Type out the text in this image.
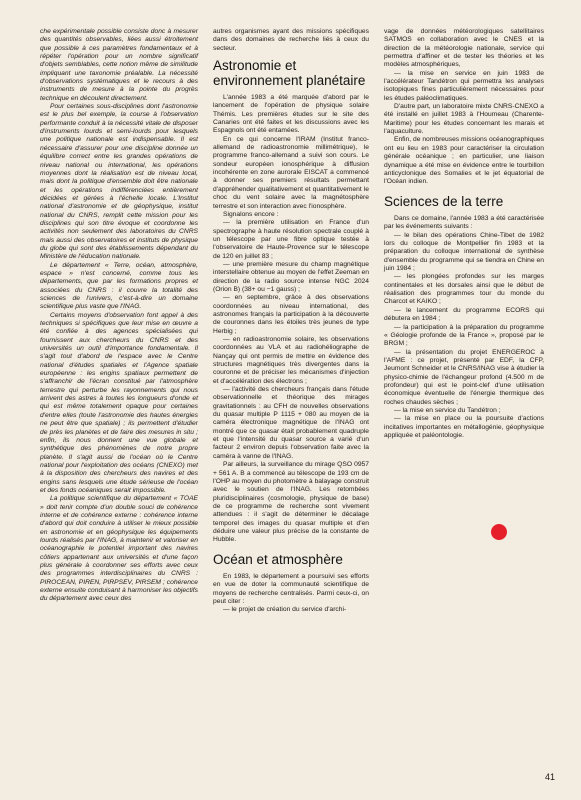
che expérimentale possible consiste donc à mesurer des quantités observables, liées aussi étroitement que possible à ces paramètres fondamentaux et à répéter l'opération pour un nombre significatif d'objets semblables, cette notion même de similitude impliquant une taxonomie préalable. La nécessité d'observations systématiques et le recours à des instruments de mesure à la pointe du progrès technique en découlent directement.

Pour certaines sous-disciplines dont l'astronomie est le plus bel exemple, la course à l'observation performante conduit à la nécessité vitale de disposer d'instruments lourds et semi-lourds pour lesquels une politique nationale est indispensable. Il est nécessaire d'assurer pour une discipline donnée un équilibre correct entre les grandes opérations de niveau national ou international, les opérations moyennes dont la réalisation est de niveau local, mais dont la politique d'ensemble doit être nationale et les opérations indifférenciées entièrement décidées et gérées à l'échelle locale. L'Institut national d'astronomie et de géophysique, institut national du CNRS, remplit cette mission pour les disciplines qui son titre évoque et coordonne les activités non seulement des laboratoires du CNRS mais aussi des observatoires et instituts de physique du globe qui sont des établissements dépendant du Ministère de l'éducation nationale.

Le département « Terre, océan, atmosphère, espace » n'est concerné, comme tous les départements, que par les formations propres et associées du CNRS : il couvre la totalité des sciences de l'univers, c'est-à-dire un domaine scientifique plus vaste que l'INAG.

Certains moyens d'observation font appel à des techniques si spécifiques que leur mise en œuvre a été confiée à des agences spécialisées qui fournissent aux chercheurs du CNRS et des universités un outil d'importance fondamentale. Il s'agit tout d'abord de l'espace avec le Centre national d'études spatiales et l'Agence spatiale européenne : les engins spatiaux permettent de s'affranchir de l'écran constitué par l'atmosphère terrestre qui perturbe les rayonnements qui nous arrivent des astres à toutes les longueurs d'onde et qui est même totalement opaque pour certaines d'entre elles (toute l'astronomie des hautes énergies ne peut être que spatiale) ; ils permettent d'étudier de près les planètes et de faire des mesures in situ ; enfin, ils nous donnent une vue globale et synthétique des phénomènes de notre propre planète. Il s'agit aussi de l'océan où le Centre national pour l'exploitation des océans (CNEXO) met à la disposition des chercheurs des navires et des engins sans lesquels une étude sérieuse de l'océan et des fonds océaniques serait impossible.

La politique scientifique du département « TOAE » doit tenir compte d'un double souci de cohérence interne et de cohérence externe : cohérence interne d'abord qui doit conduire à utiliser le mieux possible en astronomie et en géophysique les équipements lourds réalisés par l'INAG, à maintenir et valoriser en océanographie le potentiel important des navires côtiers appartenant aux universités et d'une façon plus générale à coordonner ses efforts avec ceux des programmes interdisciplinaires du CNRS : PIROCEAN, PIREN, PIRPSEV, PIRSEM ; cohérence externe ensuite conduisant à harmoniser les objectifs du département avec ceux des

autres organismes ayant des missions spécifiques dans des domaines de recherche liés à ceux du secteur.

Astronomie et environnement planétaire

L'année 1983 a été marquée d'abord par le lancement de l'opération de physique solaire Thémis. Les premières études sur le site des Canaries ont été faites et les discussions avec les Espagnols ont été entamées.

En ce qui concerne l'IRAM (Institut franco-allemand de radioastronomie millimétrique), le programme franco-allemand a suivi son cours. Le sondeur européen ionosphérique à diffusion incohérente en zone aurorale EISCAT a commencé à donner ses premiers résultats permettant d'appréhender qualitativement et quantitativement le choc du vent solaire avec la magnétosphère terrestre et son interaction avec l'ionosphère.

Signalons encore :

— la première utilisation en France d'un spectrographe à haute résolution spectrale couplé à un télescope par une fibre optique testée à l'observatoire de Haute-Provence sur le télescope de 120 en juillet 83 ;

— une première mesure du champ magnétique interstellaire obtenue au moyen de l'effet Zeeman en direction de la radio source intense NGC 2024 (Orion B) (38+ ou −1 gauss) ;

— en septembre, grâce à des observations coordonnées au niveau international, des astronomes français la participation à la découverte de couronnes dans les étoiles très jeunes de type Herbig ;

— en radioastronomie solaire, les observations coordonnées au VLA et au radiohéliographe de Nançay qui ont permis de mettre en évidence des structures magnétiques très divergentes dans la couronne et de préciser les mécanismes d'injection et d'accélération des électrons ;

— l'activité des chercheurs français dans l'étude observationnelle et théorique des mirages gravitationnels : au CFH de nouvelles observations du quasar multiple P 1115 + 080 au moyen de la caméra électronique magnétique de l'INAG ont montré que ce quasar était probablement quadruple et que l'intensité du quasar source a varié d'un facteur 2 environ depuis l'observation faite avec la caméra à vanne de l'INAG.

Par ailleurs, la surveillance du mirage QSO 0957 + 561 A. B a commencé au télescope de 193 cm de l'OHP au moyen du photomètre à balayage construit avec le soutien de l'INAG. Les retombées pluridisciplinaires (cosmologie, physique de base) de ce programme de recherche sont vivement attendues : il s'agit de déterminer le décalage temporel des images du quasar multiple et d'en déduire une valeur plus précise de la constante de Hubble.

Océan et atmosphère

En 1983, le département a poursuivi ses efforts en vue de doter la communauté scientifique de moyens de recherche centralisés. Parmi ceux-ci, on peut citer :

— le projet de création du service d'archi-

vage de données météorologiques satellitaires SATMOS en collaboration avec le CNES et la direction de la météorologie nationale, service qui permettra d'affiner et de tester les théories et les modèles atmosphériques,

— la mise en service en juin 1983 de l'accélérateur Tandétron qui permettra les analyses isotopiques fines particulièrement nécessaires pour les études paléoclimatiques.

D'autre part, un laboratoire mixte CNRS-CNEXO a été installé en juillet 1983 à l'Houmeau (Charente-Maritime) pour les études concernant les marais et l'aquaculture.

Enfin, de nombreuses missions océanographiques ont eu lieu en 1983 pour caractériser la circulation générale océanique ; en particulier, une liaison dynamique a été mise en évidence entre le tourbillon anticyclonique des Somalies et le jet équatorial de l'Océan indien.

Sciences de la terre

Dans ce domaine, l'année 1983 a été caractérisée par les événements suivants :

— le bilan des opérations Chine-Tibet de 1982 lors du colloque de Montpellier fin 1983 et la préparation du colloque international de synthèse d'ensemble du programme qui se tiendra en Chine en juin 1984 ;

— les plongées profondes sur les marges continentales et les dorsales ainsi que le début de réalisation des programmes tour du monde du Charcot et KAIKO ;

— le lancement du programme ECORS qui débutera en 1984 ;

— la participation à la préparation du programme « Géologie profonde de la France », proposé par le BRGM ;

— la présentation du projet ENERGEROC à l'AFME : ce projet, présenté par EDF, la CFP, Jeumont Schneider et le CNRS/INAG vise à étudier la physico-chimie de l'échangeur profond (4.500 m de profondeur) qui est le point-clef d'une utilisation économique éventuelle de l'énergie thermique des roches chaudes sèches ;

— la mise en service du Tandétron ;

— la mise en place ou la poursuite d'actions incitatives importantes en métallogénie, géophysique appliquée et paléontologie.

41
